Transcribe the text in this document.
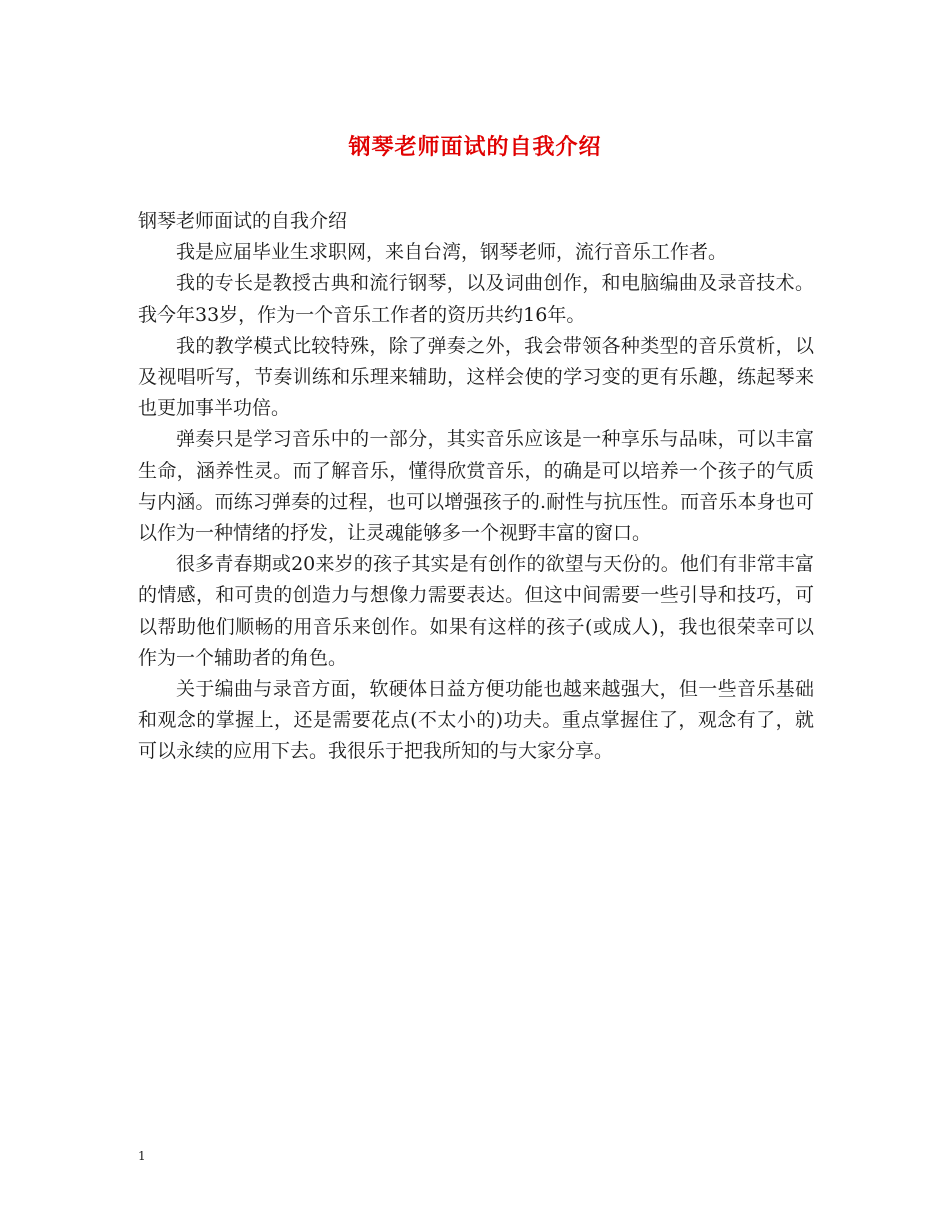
钢琴老师面试的自我介绍

钢琴老师面试的自我介绍

我是应届毕业生求职网，来自台湾，钢琴老师，流行音乐工作者。

我的专长是教授古典和流行钢琴，以及词曲创作，和电脑编曲及录音技术。我今年33岁，作为一个音乐工作者的资历共约16年。

我的教学模式比较特殊，除了弹奏之外，我会带领各种类型的音乐赏析，以及视唱听写，节奏训练和乐理来辅助，这样会使的学习变的更有乐趣，练起琴来也更加事半功倍。

弹奏只是学习音乐中的一部分，其实音乐应该是一种享乐与品味，可以丰富生命，涵养性灵。而了解音乐，懂得欣赏音乐，的确是可以培养一个孩子的气质与内涵。而练习弹奏的过程，也可以增强孩子的.耐性与抗压性。而音乐本身也可以作为一种情绪的抒发，让灵魂能够多一个视野丰富的窗口。

很多青春期或20来岁的孩子其实是有创作的欲望与天份的。他们有非常丰富的情感，和可贵的创造力与想像力需要表达。但这中间需要一些引导和技巧，可以帮助他们顺畅的用音乐来创作。如果有这样的孩子(或成人)，我也很荣幸可以作为一个辅助者的角色。

关于编曲与录音方面，软硬体日益方便功能也越来越强大，但一些音乐基础和观念的掌握上，还是需要花点(不太小的)功夫。重点掌握住了，观念有了，就可以永续的应用下去。我很乐于把我所知的与大家分享。

1
